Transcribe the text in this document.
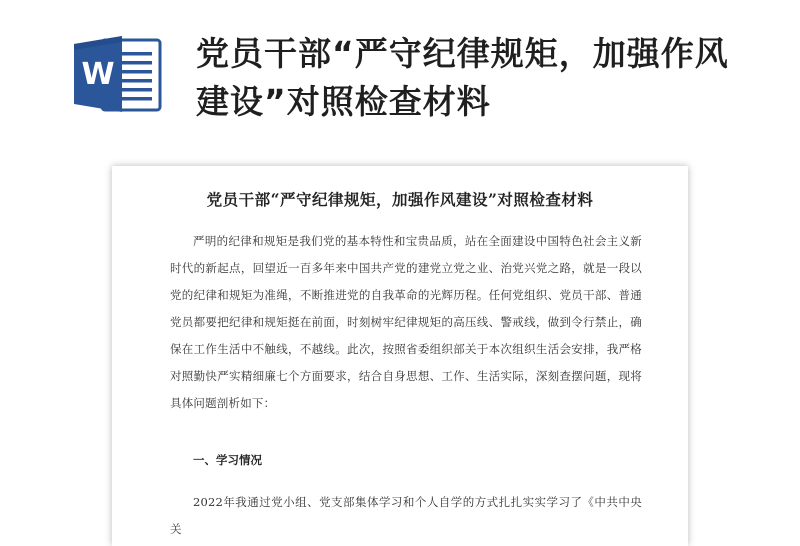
W
党员干部“严守纪律规矩，加强作风建设”对照检查材料
党员干部“严守纪律规矩，加强作风建设”对照检查材料

严明的纪律和规矩是我们党的基本特性和宝贵品质，站在全面建设中国特色社会主义新时代的新起点，回望近一百多年来中国共产党的建党立党之业、治党兴党之路，就是一段以党的纪律和规矩为准绳，不断推进党的自我革命的光辉历程。任何党组织、党员干部、普通党员都要把纪律和规矩挺在前面，时刻树牢纪律规矩的高压线、警戒线，做到令行禁止，确保在工作生活中不触线，不越线。此次，按照省委组织部关于本次组织生活会安排，我严格对照勤快严实精细廉七个方面要求，结合自身思想、工作、生活实际，深刻查摆问题，现将具体问题剖析如下：

一、学习情况

2022年我通过党小组、党支部集体学习和个人自学的方式扎扎实实学习了《中共中央关
